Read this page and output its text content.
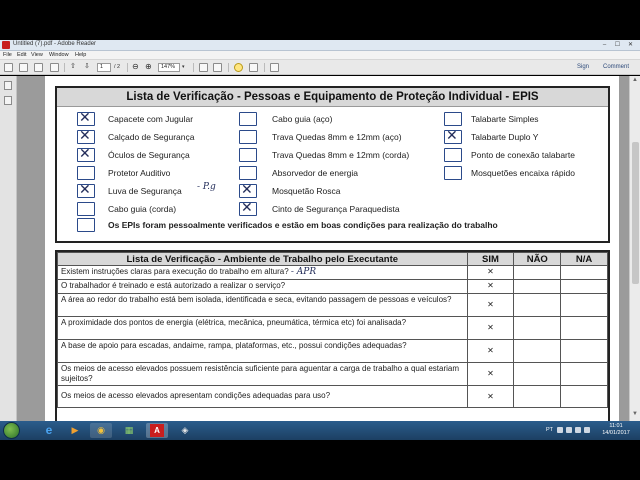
Untitled (7).pdf - Adobe Reader	–	☐	✕
File Edit View Window Help
⇧ ⇩	1	/ 2 ⊖ ⊕	147%	▾	Sign Comment
Lista de Verificação - Pessoas e Equipamento de Proteção Individual - EPIS
✕ Capacete com Jugular
✕ Calçado de Segurança
✕ Óculos de Segurança
Protetor Auditivo
✕ Luva de Segurança - P.g
Cabo guia (corda)
Cabo guia (aço)
Trava Quedas 8mm e 12mm (aço)
Trava Quedas 8mm e 12mm (corda)
Absorvedor de energia
✕ Mosquetão Rosca
✕ Cinto de Segurança Paraquedista
Talabarte Simples
✕ Talabarte Duplo Y
Ponto de conexão talabarte
Mosquetões encaixa rápido
Os EPIs foram pessoalmente verificados e estão em boas condições para realização do trabalho
Lista de Verificação - Ambiente de Trabalho pelo Executante	SIM	NÃO	N/A
Existem instruções claras para execução do trabalho em altura? - APR	✕		
O trabalhador é treinado e está autorizado a realizar o serviço?	✕		
A área ao redor do trabalho está bem isolada, identificada e seca, evitando passagem de pessoas e veículos?	✕		
A proximidade dos pontos de energia (elétrica, mecânica, pneumática, térmica etc) foi analisada?	✕		
A base de apoio para escadas, andaime, rampa, plataformas, etc., possui condições adequadas?	✕		
Os meios de acesso elevados possuem resistência suficiente para aguentar a carga de trabalho a qual estariam sujeitos?	✕		
Os meios de acesso elevados apresentam condições adequadas para uso?	✕		
▲
▼
e	▶	◉	▦	A	◈	PT
11:01
14/01/2017
